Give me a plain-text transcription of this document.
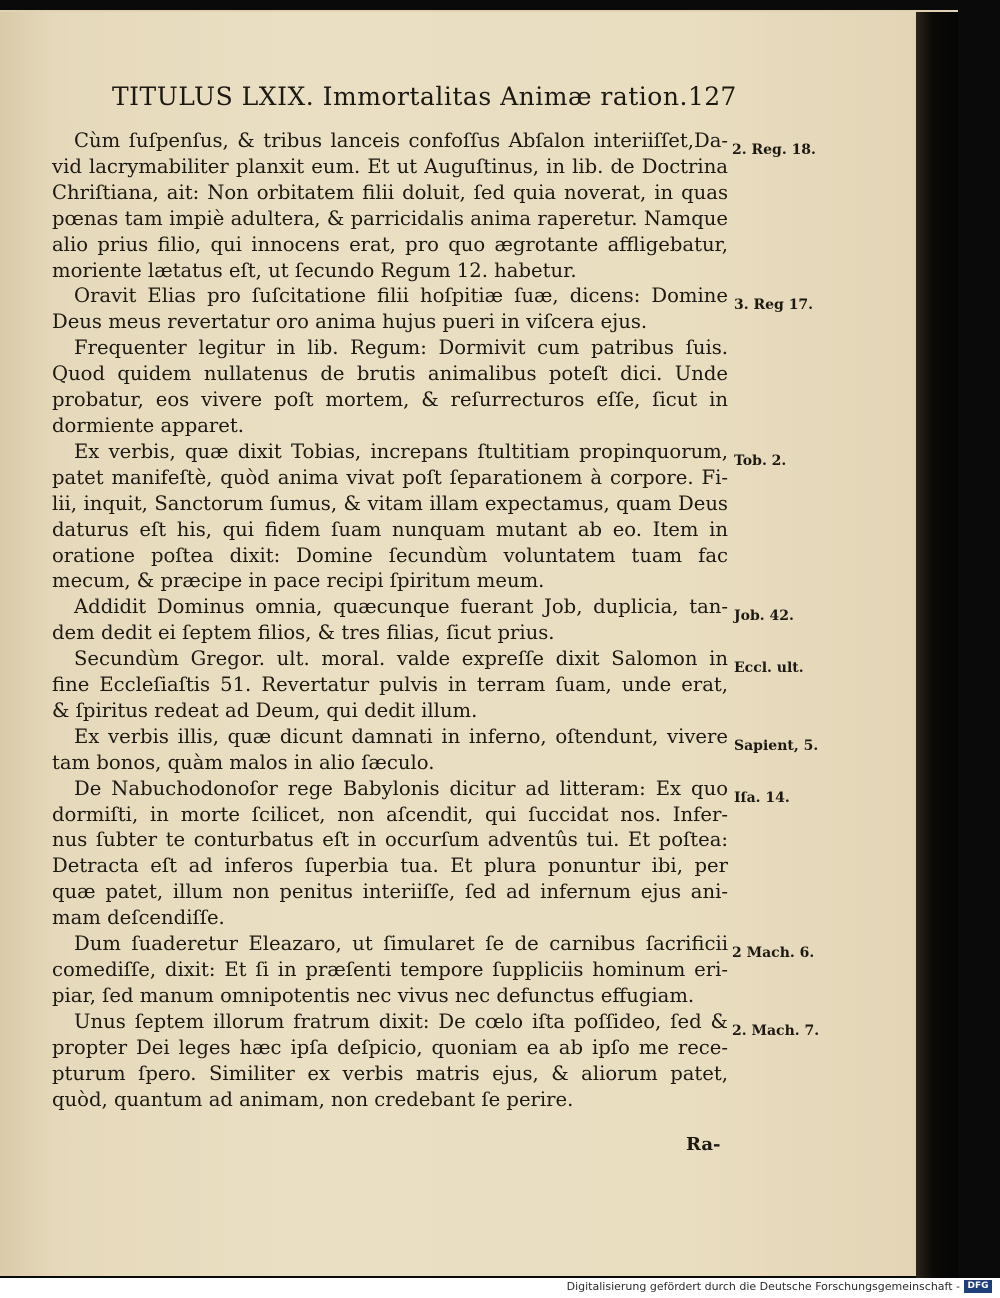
TITULUS LXIX. Immortalitas Animæ ration. 127

Cùm ſuſpenſus, & tribus lanceis confoſſus Abſalon interiiſſet,Da-
vid lacrymabiliter planxit eum. Et ut Auguſtinus, in lib. de Doctrina
Chriſtiana, ait: Non orbitatem filii doluit, ſed quia noverat, in quas
pœnas tam impiè adultera, & parricidalis anima raperetur. Namque
alio prius filio, qui innocens erat, pro quo ægrotante affligebatur,
moriente lætatus eſt, ut ſecundo Regum 12. habetur.

Oravit Elias pro ſuſcitatione filii hoſpitiæ ſuæ, dicens: Domine
Deus meus revertatur oro anima hujus pueri in viſcera ejus.

Frequenter legitur in lib. Regum: Dormivit cum patribus ſuis.
Quod quidem nullatenus de brutis animalibus poteſt dici. Unde
probatur, eos vivere poſt mortem, & reſurrecturos eſſe, ſicut in
dormiente apparet.

Ex verbis, quæ dixit Tobias, increpans ſtultitiam propinquorum,
patet manifeſtè, quòd anima vivat poſt ſeparationem à corpore. Fi-
lii, inquit, Sanctorum ſumus, & vitam illam expectamus, quam Deus
daturus eſt his, qui fidem ſuam nunquam mutant ab eo. Item in
oratione poſtea dixit: Domine ſecundùm voluntatem tuam fac
mecum, & præcipe in pace recipi ſpiritum meum.

Addidit Dominus omnia, quæcunque fuerant Job, duplicia, tan-
dem dedit ei ſeptem filios, & tres filias, ſicut prius.

Secundùm Gregor. ult. moral. valde expreſſe dixit Salomon in
fine Eccleſiaſtis 51. Revertatur pulvis in terram ſuam, unde erat,
& ſpiritus redeat ad Deum, qui dedit illum.

Ex verbis illis, quæ dicunt damnati in inferno, oſtendunt, vivere
tam bonos, quàm malos in alio ſæculo.

De Nabuchodonoſor rege Babylonis dicitur ad litteram: Ex quo
dormiſti, in morte ſcilicet, non aſcendit, qui ſuccidat nos. Infer-
nus ſubter te conturbatus eſt in occurſum adventûs tui. Et poſtea:
Detracta eſt ad inferos ſuperbia tua. Et plura ponuntur ibi, per
quæ patet, illum non penitus interiiſſe, ſed ad infernum ejus ani-
mam deſcendiſſe.

Dum ſuaderetur Eleazaro, ut ſimularet ſe de carnibus ſacrificii
comediſſe, dixit: Et ſi in præſenti tempore ſuppliciis hominum eri-
piar, ſed manum omnipotentis nec vivus nec defunctus effugiam.

Unus ſeptem illorum fratrum dixit: De cœlo iſta poſſideo, ſed &
propter Dei leges hæc ipſa deſpicio, quoniam ea ab ipſo me rece-
pturum ſpero. Similiter ex verbis matris ejus, & aliorum patet,
quòd, quantum ad animam, non credebant ſe perire.

2. Reg. 18.
3. Reg 17.
Tob. 2.
Job. 42.
Eccl. ult.
Sapient, 5.
Iſa. 14.
2 Mach. 6.
2. Mach. 7.
Ra-
Digitalisierung gefördert durch die Deutsche Forschungsgemeinschaft - DFG
